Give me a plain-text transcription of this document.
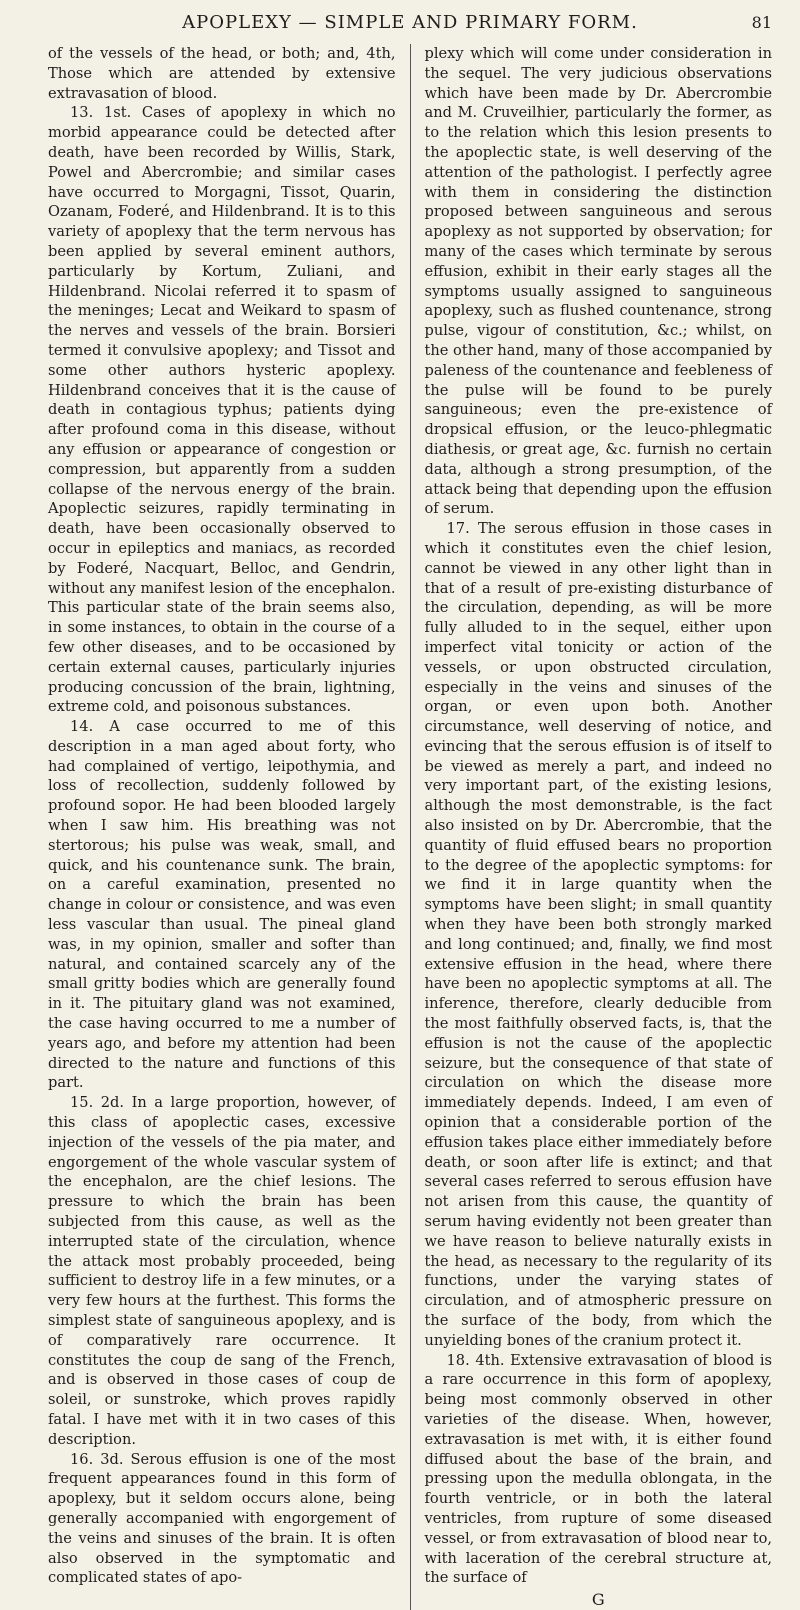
APOPLEXY — SIMPLE AND PRIMARY FORM.	81

of the vessels of the head, or both; and, 4th, Those which are attended by extensive extravasation of blood.

13. 1st. Cases of apoplexy in which no morbid appearance could be detected after death, have been recorded by Willis, Stark, Powel and Abercrombie; and similar cases have occurred to Morgagni, Tissot, Quarin, Ozanam, Foderé, and Hildenbrand. It is to this variety of apoplexy that the term nervous has been applied by several eminent authors, particularly by Kortum, Zuliani, and Hildenbrand. Nicolai referred it to spasm of the meninges; Lecat and Weikard to spasm of the nerves and vessels of the brain. Borsieri termed it convulsive apoplexy; and Tissot and some other authors hysteric apoplexy. Hildenbrand conceives that it is the cause of death in contagious typhus; patients dying after profound coma in this disease, without any effusion or appearance of congestion or compression, but apparently from a sudden collapse of the nervous energy of the brain. Apoplectic seizures, rapidly terminating in death, have been occasionally observed to occur in epileptics and maniacs, as recorded by Foderé, Nacquart, Belloc, and Gendrin, without any manifest lesion of the encephalon. This particular state of the brain seems also, in some instances, to obtain in the course of a few other diseases, and to be occasioned by certain external causes, particularly injuries producing concussion of the brain, lightning, extreme cold, and poisonous substances.

14. A case occurred to me of this description in a man aged about forty, who had complained of vertigo, leipothymia, and loss of recollection, suddenly followed by profound sopor. He had been blooded largely when I saw him. His breathing was not stertorous; his pulse was weak, small, and quick, and his countenance sunk. The brain, on a careful examination, presented no change in colour or consistence, and was even less vascular than usual. The pineal gland was, in my opinion, smaller and softer than natural, and contained scarcely any of the small gritty bodies which are generally found in it. The pituitary gland was not examined, the case having occurred to me a number of years ago, and before my attention had been directed to the nature and functions of this part.

15. 2d. In a large proportion, however, of this class of apoplectic cases, excessive injection of the vessels of the pia mater, and engorgement of the whole vascular system of the encephalon, are the chief lesions. The pressure to which the brain has been subjected from this cause, as well as the interrupted state of the circulation, whence the attack most probably proceeded, being sufficient to destroy life in a few minutes, or a very few hours at the furthest. This forms the simplest state of sanguineous apoplexy, and is of comparatively rare occurrence. It constitutes the coup de sang of the French, and is observed in those cases of coup de soleil, or sunstroke, which proves rapidly fatal. I have met with it in two cases of this description.

16. 3d. Serous effusion is one of the most frequent appearances found in this form of apoplexy, but it seldom occurs alone, being generally accompanied with engorgement of the veins and sinuses of the brain. It is often also observed in the symptomatic and complicated states of apo-

plexy which will come under consideration in the sequel. The very judicious observations which have been made by Dr. Abercrombie and M. Cruveilhier, particularly the former, as to the relation which this lesion presents to the apoplectic state, is well deserving of the attention of the pathologist. I perfectly agree with them in considering the distinction proposed between sanguineous and serous apoplexy as not supported by observation; for many of the cases which terminate by serous effusion, exhibit in their early stages all the symptoms usually assigned to sanguineous apoplexy, such as flushed countenance, strong pulse, vigour of constitution, &c.; whilst, on the other hand, many of those accompanied by paleness of the countenance and feebleness of the pulse will be found to be purely sanguineous; even the pre-existence of dropsical effusion, or the leuco-phlegmatic diathesis, or great age, &c. furnish no certain data, although a strong presumption, of the attack being that depending upon the effusion of serum.

17. The serous effusion in those cases in which it constitutes even the chief lesion, cannot be viewed in any other light than in that of a result of pre-existing disturbance of the circulation, depending, as will be more fully alluded to in the sequel, either upon imperfect vital tonicity or action of the vessels, or upon obstructed circulation, especially in the veins and sinuses of the organ, or even upon both. Another circumstance, well deserving of notice, and evincing that the serous effusion is of itself to be viewed as merely a part, and indeed no very important part, of the existing lesions, although the most demonstrable, is the fact also insisted on by Dr. Abercrombie, that the quantity of fluid effused bears no proportion to the degree of the apoplectic symptoms: for we find it in large quantity when the symptoms have been slight; in small quantity when they have been both strongly marked and long continued; and, finally, we find most extensive effusion in the head, where there have been no apoplectic symptoms at all. The inference, therefore, clearly deducible from the most faithfully observed facts, is, that the effusion is not the cause of the apoplectic seizure, but the consequence of that state of circulation on which the disease more immediately depends. Indeed, I am even of opinion that a considerable portion of the effusion takes place either immediately before death, or soon after life is extinct; and that several cases referred to serous effusion have not arisen from this cause, the quantity of serum having evidently not been greater than we have reason to believe naturally exists in the head, as necessary to the regularity of its functions, under the varying states of circulation, and of atmospheric pressure on the surface of the body, from which the unyielding bones of the cranium protect it.

18. 4th. Extensive extravasation of blood is a rare occurrence in this form of apoplexy, being most commonly observed in other varieties of the disease. When, however, extravasation is met with, it is either found diffused about the base of the brain, and pressing upon the medulla oblongata, in the fourth ventricle, or in both the lateral ventricles, from rupture of some diseased vessel, or from extravasation of blood near to, with laceration of the cerebral structure at, the surface of

G
